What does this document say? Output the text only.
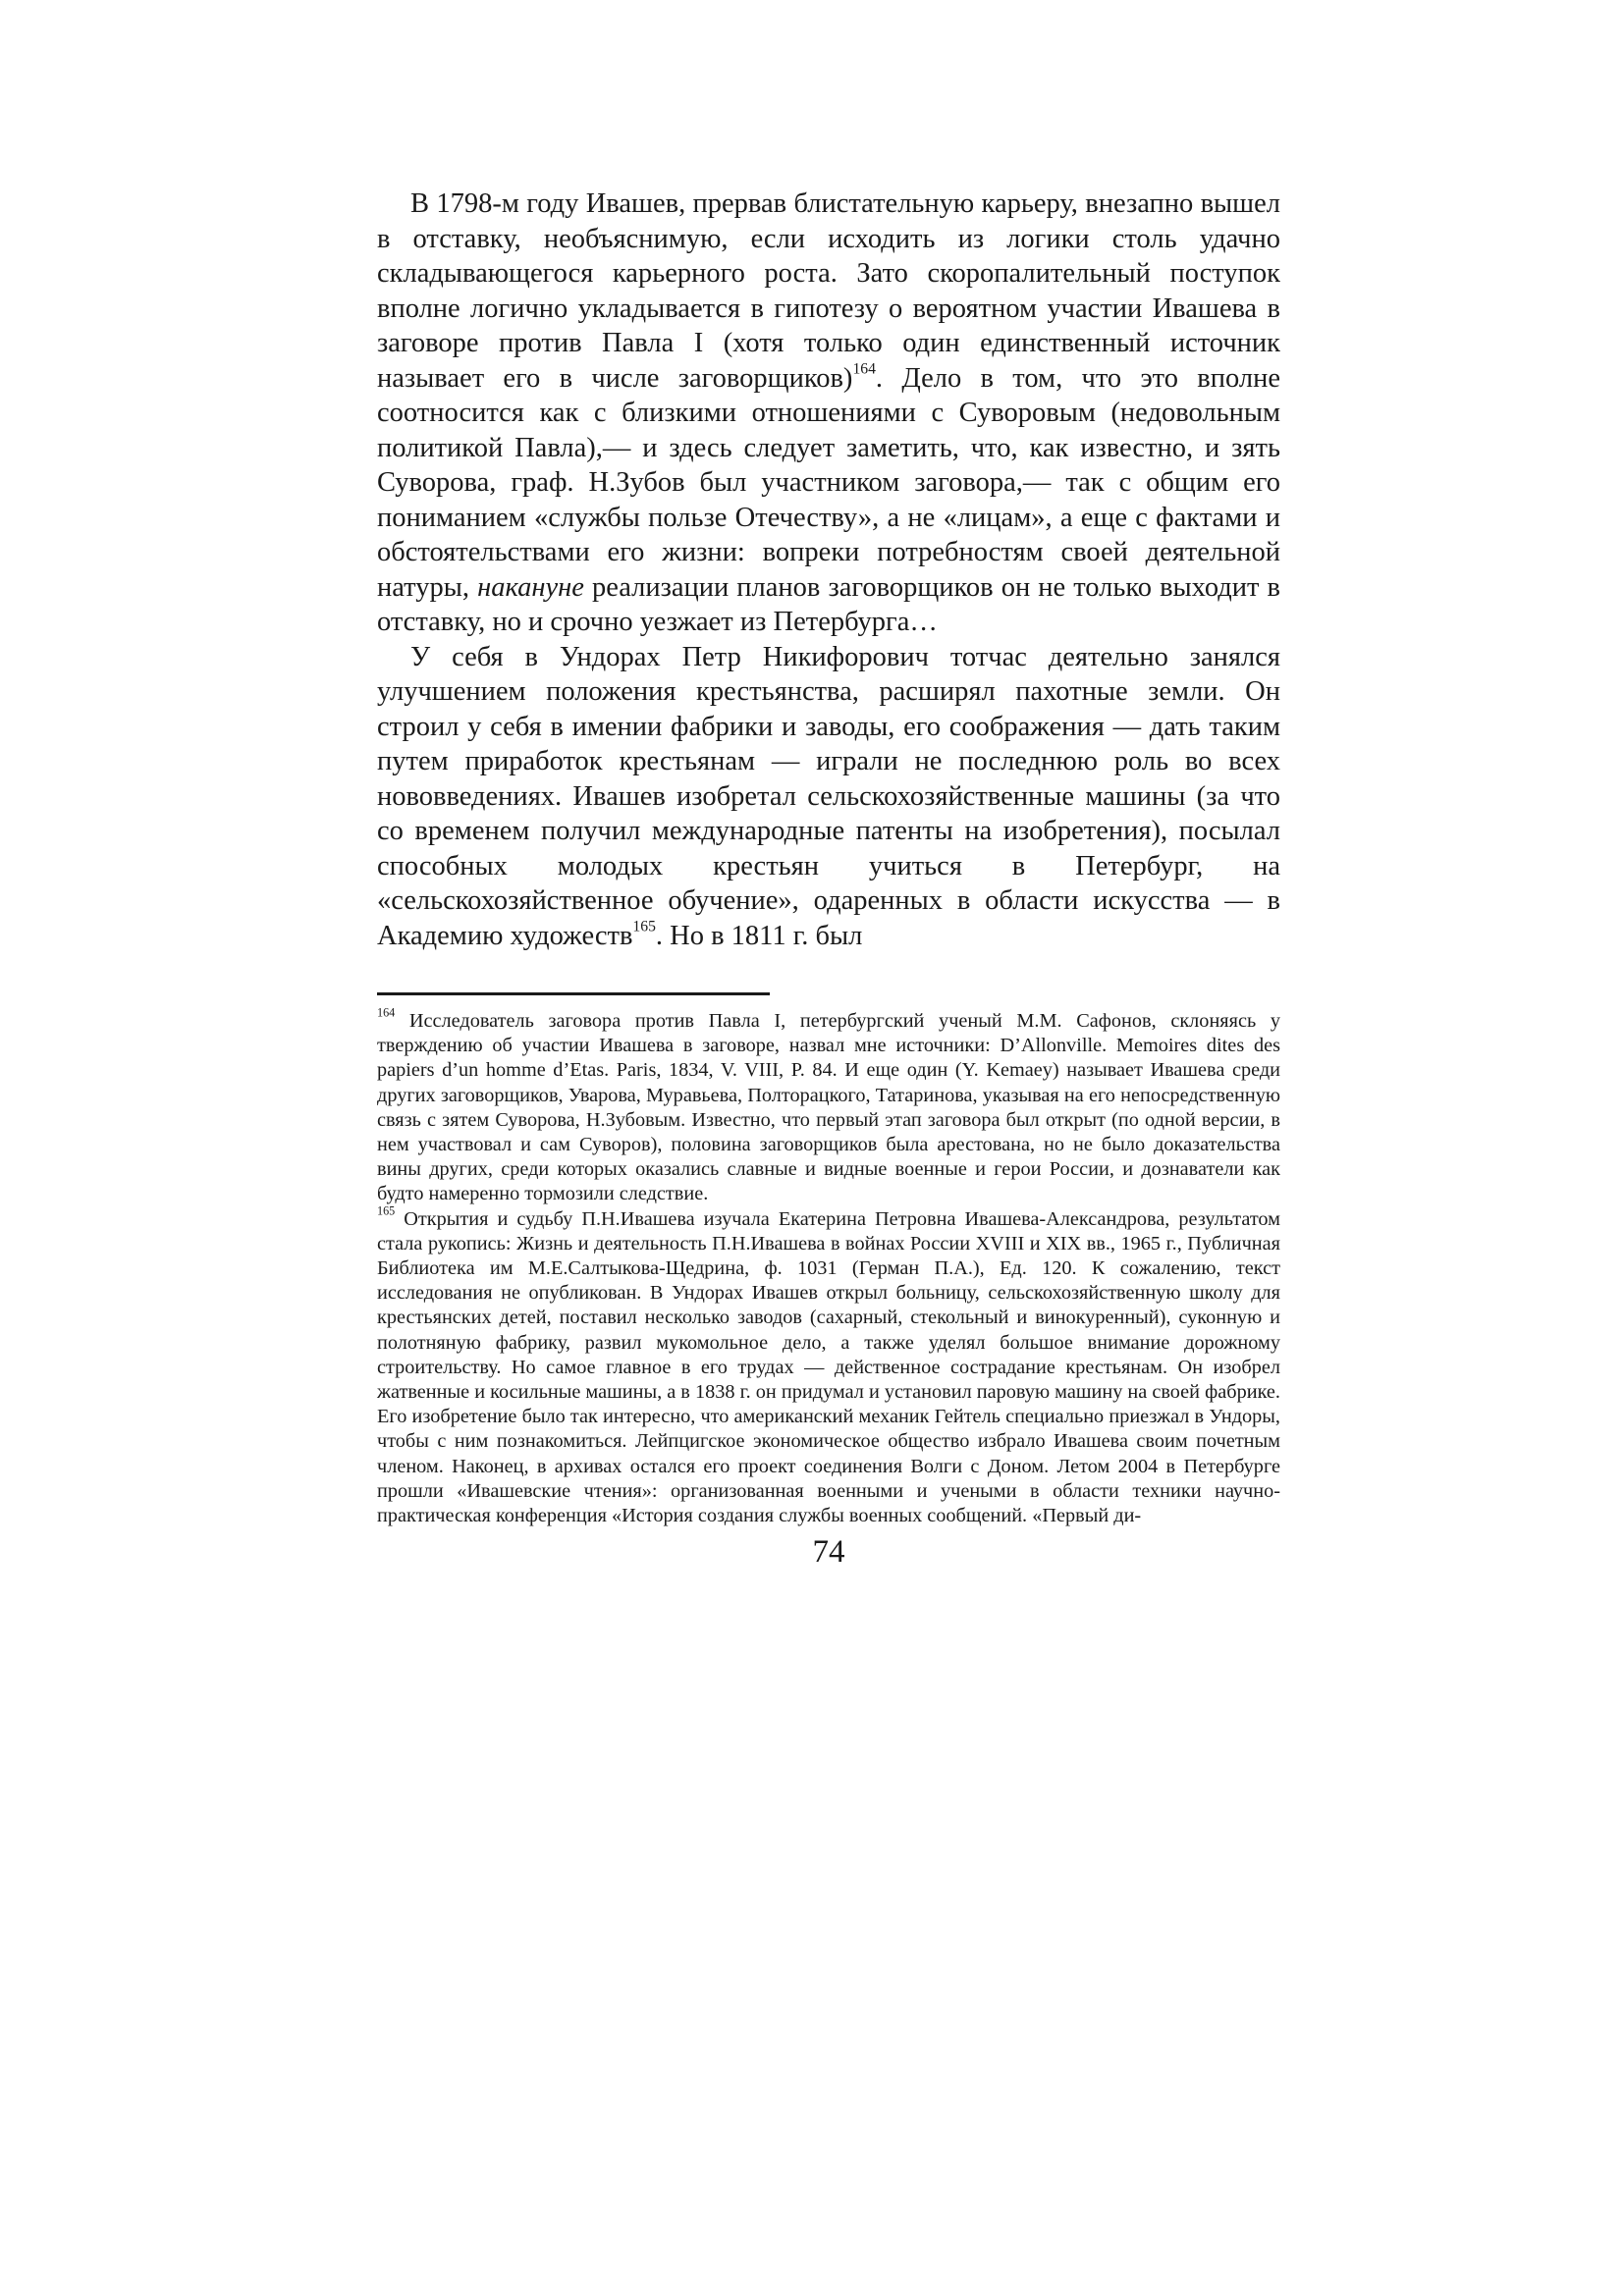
В 1798-м году Ивашев, прервав блистательную карьеру, внезапно вышел в отставку, необъяснимую, если исходить из логики столь удачно складывающегося карьерного роста. Зато скоропалительный поступок вполне логично укладывается в гипотезу о вероятном участии Ивашева в заговоре против Павла I (хотя только один единственный источник называет его в числе заговорщиков)$^{164}$. Дело в том, что это вполне соотносится как с близкими отношениями с Суворовым (недовольным политикой Павла),— и здесь следует заметить, что, как известно, и зять Суворова, граф. Н.Зубов был участником заговора,— так с общим его пониманием «службы пользе Отечеству», а не «лицам», а еще с фактами и обстоятельствами его жизни: вопреки потребностям своей деятельной натуры, накануне реализации планов заговорщиков он не только выходит в отставку, но и срочно уезжает из Петербурга…

У себя в Ундорах Петр Никифорович тотчас деятельно занялся улучшением положения крестьянства, расширял пахотные земли. Он строил у себя в имении фабрики и заводы, его соображения — дать таким путем приработок крестьянам — играли не последнюю роль во всех нововведениях. Ивашев изобретал сельскохозяйственные машины (за что со временем получил международные патенты на изобретения), посылал способных молодых крестьян учиться в Петербург, на «сельскохозяйственное обучение», одаренных в области искусства — в Академию художеств$^{165}$. Но в 1811 г. был

$^{164}$ Исследователь заговора против Павла I, петербургский ученый М.М. Сафонов, склоняясь у тверждению об участии Ивашева в заговоре, назвал мне источники: D’Allonville. Memoires dites des papiers d’un homme d’Etas. Paris, 1834, V. VIII, P. 84. И еще один (Y. Kemaey) называет Ивашева среди других заговорщиков, Уварова, Муравьева, Полторацкого, Татаринова, указывая на его непосредственную связь с зятем Суворова, Н.Зубовым. Известно, что первый этап заговора был открыт (по одной версии, в нем участвовал и сам Суворов), половина заговорщиков была арестована, но не было доказательства вины других, среди которых оказались славные и видные военные и герои России, и дознаватели как будто намеренно тормозили следствие.

$^{165}$ Открытия и судьбу П.Н.Ивашева изучала Екатерина Петровна Ивашева-Александрова, результатом стала рукопись: Жизнь и деятельность П.Н.Ивашева в войнах России XVIII и XIX вв., 1965 г., Публичная Библиотека им М.Е.Салтыкова-Щедрина, ф. 1031 (Герман П.А.), Ед. 120. К сожалению, текст исследования не опубликован. В Ундорах Ивашев открыл больницу, сельскохозяйственную школу для крестьянских детей, поставил несколько заводов (сахарный, стекольный и винокуренный), суконную и полотняную фабрику, развил мукомольное дело, а также уделял большое внимание дорожному строительству. Но самое главное в его трудах — действенное сострадание крестьянам. Он изобрел жатвенные и косильные машины, а в 1838 г. он придумал и установил паровую машину на своей фабрике. Его изобретение было так интересно, что американский механик Гейтель специально приезжал в Ундоры, чтобы с ним познакомиться. Лейпцигское экономическое общество избрало Ивашева своим почетным членом. Наконец, в архивах остался его проект соединения Волги с Доном. Летом 2004 в Петербурге прошли «Ивашевские чтения»: организованная военными и учеными в области техники научно-практическая конференция «История создания службы военных сообщений. «Первый ди-

74
